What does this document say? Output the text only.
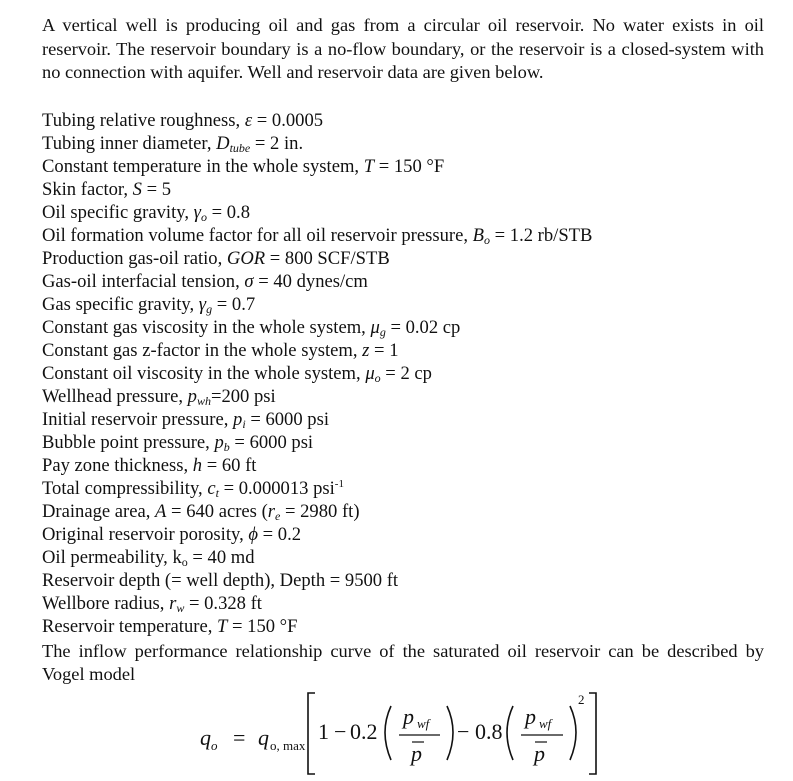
A vertical well is producing oil and gas from a circular oil reservoir. No water exists in oil reservoir. The reservoir boundary is a no-flow boundary, or the reservoir is a closed-system with no connection with aquifer. Well and reservoir data are given below.

Tubing relative roughness, ε = 0.0005
Tubing inner diameter, $D_{tube} = 2$ in.
Constant temperature in the whole system, T = 150 °F
Skin factor, S = 5
Oil specific gravity, $\gamma_o = 0.8$
Oil formation volume factor for all oil reservoir pressure, $B_o = 1.2$ rb/STB
Production gas-oil ratio, GOR = 800 SCF/STB
Gas-oil interfacial tension, σ = 40 dynes/cm
Gas specific gravity, $\gamma_g = 0.7$
Constant gas viscosity in the whole system, $\mu_g = 0.02$ cp
Constant gas z-factor in the whole system, z = 1
Constant oil viscosity in the whole system, $\mu_o = 2$ cp
Wellhead pressure, $p_{wh}=200$ psi
Initial reservoir pressure, $p_i = 6000$ psi
Bubble point pressure, $p_b = 6000$ psi
Pay zone thickness, h = 60 ft
Total compressibility, $c_t = 0.000013$ psi$^{-1}$
Drainage area, A = 640 acres ($r_e = 2980$ ft)
Original reservoir porosity, ϕ = 0.2
Oil permeability, $k_o = 40$ md
Reservoir depth (= well depth), Depth = 9500 ft
Wellbore radius, $r_w = 0.328$ ft
Reservoir temperature, T = 150 °F

The inflow performance relationship curve of the saturated oil reservoir can be described by Vogel model

q o = q o, max
1 − 0.2
p wf
p
− 0.8
p wf
p
2
